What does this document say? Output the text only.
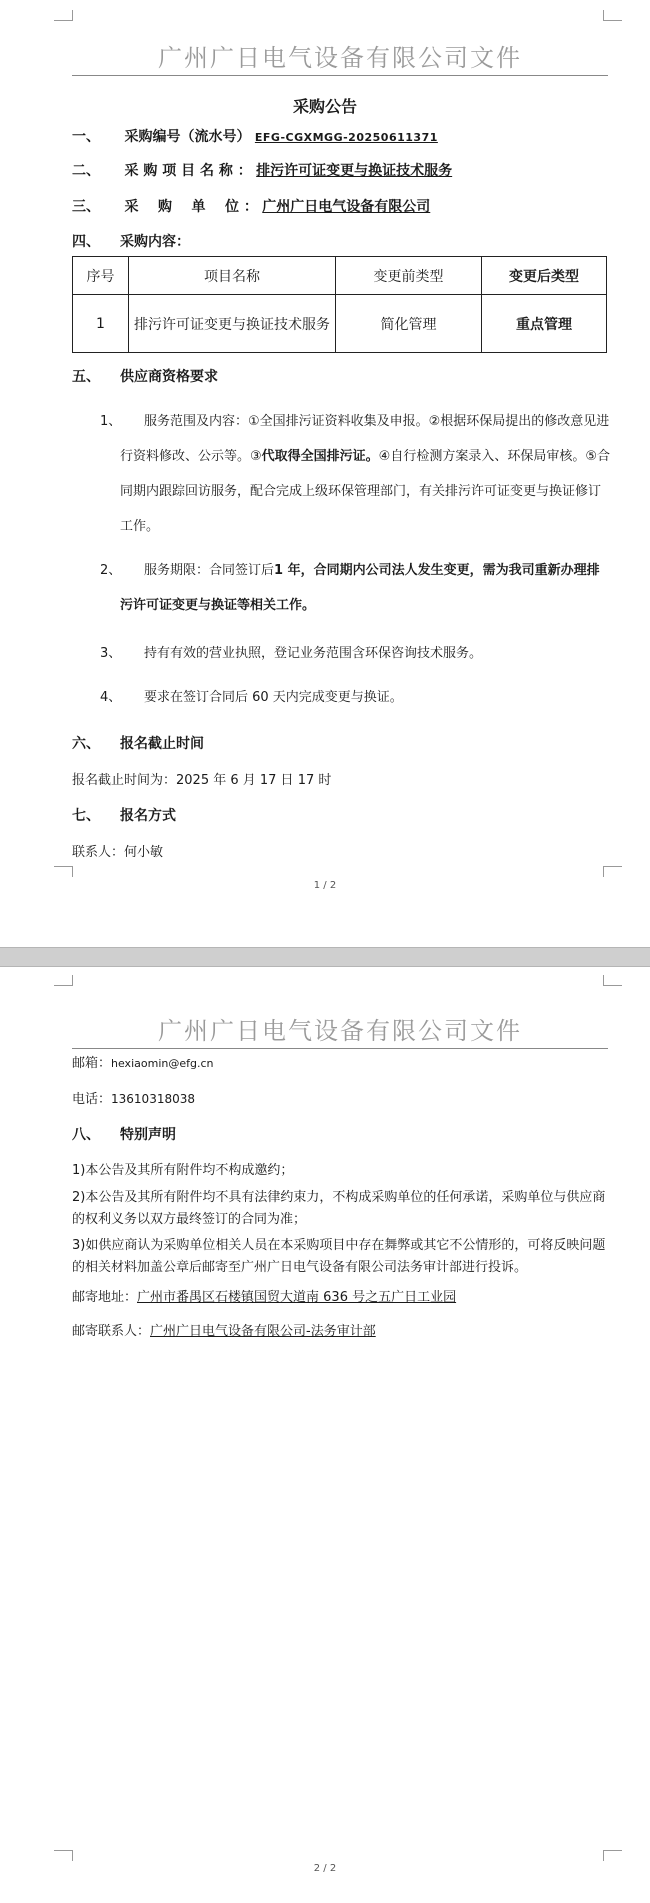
广州广日电气设备有限公司文件
采购公告
一、 采购编号（流水号） EFG-CGXMGG-20250611371
二、 采 购 项 目 名 称 ： 排污许可证变更与换证技术服务
三、 采    购    单    位 ： 广州广日电气设备有限公司
四、 采购内容：
序号	项目名称	变更前类型	变更后类型
1	排污许可证变更与换证技术服务	简化管理	重点管理
五、 供应商资格要求
1、 服务范围及内容：①全国排污证资料收集及申报。②根据环保局提出的修改意见进行资料修改、公示等。③代取得全国排污证。④自行检测方案录入、环保局审核。⑤合同期内跟踪回访服务，配合完成上级环保管理部门，有关排污许可证变更与换证修订工作。
2、 服务期限：合同签订后1 年，合同期内公司法人发生变更，需为我司重新办理排污许可证变更与换证等相关工作。
3、 持有有效的营业执照，登记业务范围含环保咨询技术服务。
4、 要求在签订合同后 60 天内完成变更与换证。
六、 报名截止时间
报名截止时间为：2025 年 6 月 17 日 17 时
七、 报名方式
联系人：何小敏
1 / 2
广州广日电气设备有限公司文件
邮箱：hexiaomin@efg.cn
电话：13610318038
八、 特别声明
1)本公告及其所有附件均不构成邀约；
2)本公告及其所有附件均不具有法律约束力，不构成采购单位的任何承诺，采购单位与供应商的权利义务以双方最终签订的合同为准；
3)如供应商认为采购单位相关人员在本采购项目中存在舞弊或其它不公情形的，可将反映问题的相关材料加盖公章后邮寄至广州广日电气设备有限公司法务审计部进行投诉。
邮寄地址：广州市番禺区石楼镇国贸大道南 636 号之五广日工业园
邮寄联系人：广州广日电气设备有限公司-法务审计部
2 / 2
